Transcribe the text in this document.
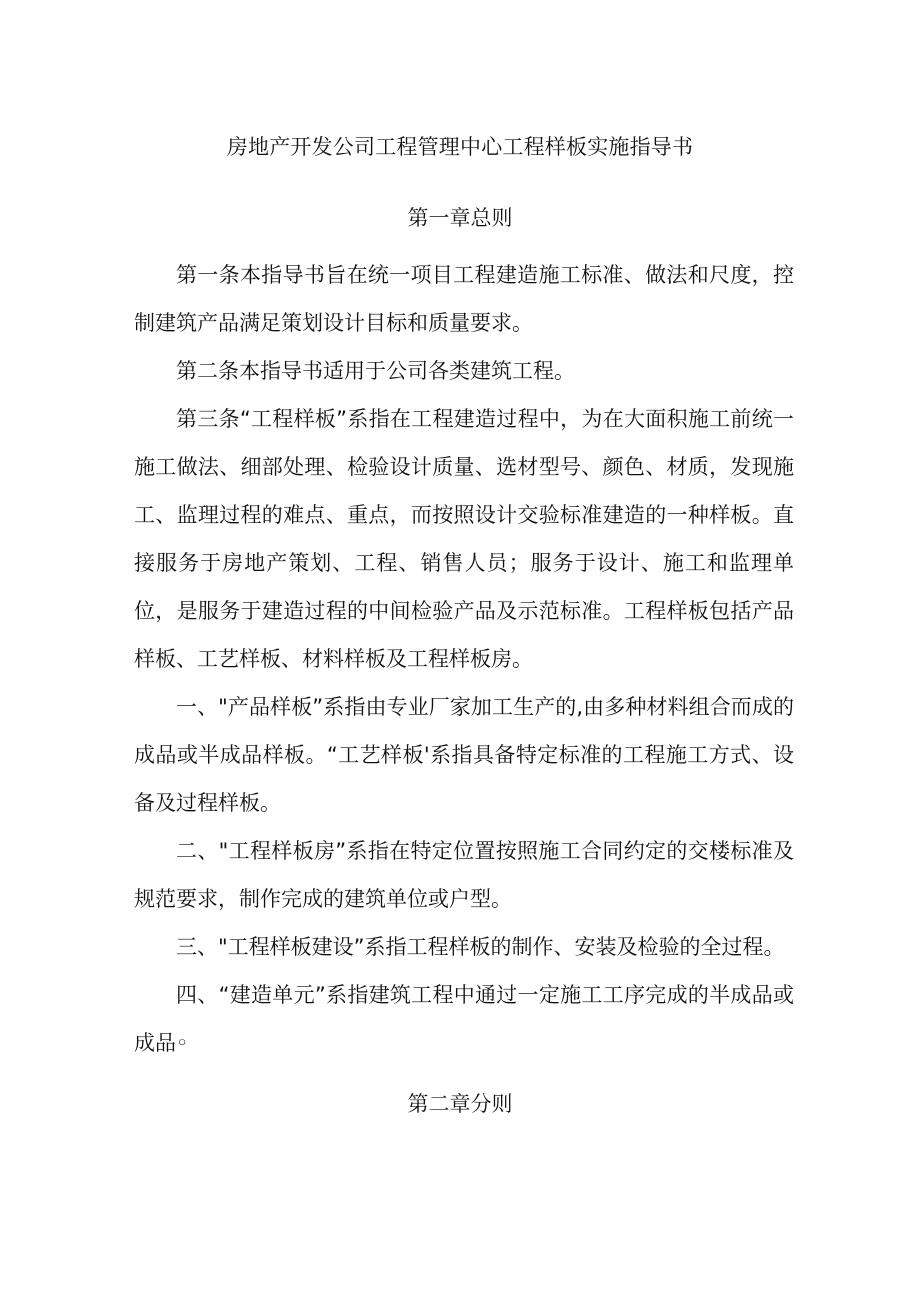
房地产开发公司工程管理中心工程样板实施指导书
第一章总则

第一条本指导书旨在统一项目工程建造施工标准、做法和尺度，控制建筑产品满足策划设计目标和质量要求。

第二条本指导书适用于公司各类建筑工程。

第三条“工程样板”系指在工程建造过程中，为在大面积施工前统一施工做法、细部处理、检验设计质量、选材型号、颜色、材质，发现施工、监理过程的难点、重点，而按照设计交验标准建造的一种样板。直接服务于房地产策划、工程、销售人员；服务于设计、施工和监理单位，是服务于建造过程的中间检验产品及示范标准。工程样板包括产品样板、工艺样板、材料样板及工程样板房。

一、"产品样板”系指由专业厂家加工生产的,由多种材料组合而成的成品或半成品样板。“工艺样板'系指具备特定标准的工程施工方式、设备及过程样板。

二、"工程样板房”系指在特定位置按照施工合同约定的交楼标准及规范要求，制作完成的建筑单位或户型。

三、"工程样板建设”系指工程样板的制作、安装及检验的全过程。

四、“建造单元”系指建筑工程中通过一定施工工序完成的半成品或成品◦

第二章分则
